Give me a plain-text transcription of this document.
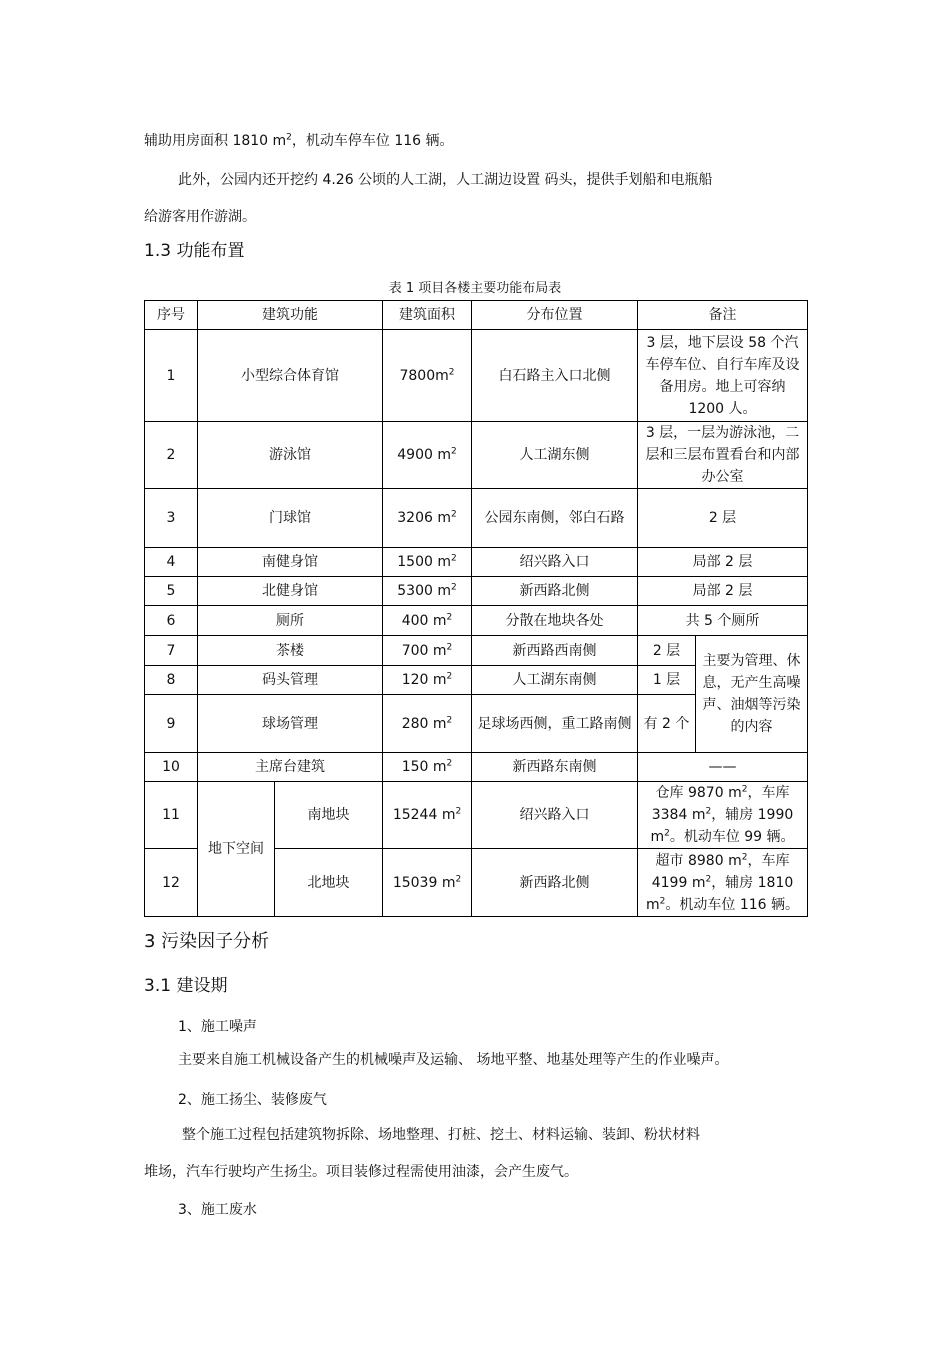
辅助用房面积 1810 $m^2$，机动车停车位 116 辆。
此外，公园内还开挖约 4.26 公顷的人工湖，人工湖边设置 码头，提供手划船和电瓶船
给游客用作游湖。
1.3 功能布置
表 1 项目各楼主要功能布局表
序号	建筑功能		建筑面积	分布位置	备注	
1	小型综合体育馆		$7800m^2$	白石路主入口北侧	3 层，地下层设 58 个汽车停车位、自行车库及设备用房。地上可容纳 1200 人。	
2	游泳馆		4900 $m^2$	人工湖东侧	3 层，一层为游泳池，二层和三层布置看台和内部办公室	
3	门球馆		3206 $m^2$	公园东南侧，邻白石路	2 层	
4	南健身馆		1500 $m^2$	绍兴路入口	局部 2 层	
5	北健身馆		5300 $m^2$	新西路北侧	局部 2 层	
6	厕所		400 $m^2$	分散在地块各处	共 5 个厕所	
7	茶楼		700 $m^2$	新西路西南侧	2 层	主要为管理、休息，无产生高噪声、油烟等污染的内容
8	码头管理		120 $m^2$	人工湖东南侧	1 层	
9	球场管理		280 $m^2$	足球场西侧，重工路南侧	有 2 个	
10	主席台建筑		150 $m^2$	新西路东南侧	——	
11	地下空间	南地块	15244 $m^2$	绍兴路入口	仓库 9870 $m^2$，车库 3384 $m^2$，辅房 1990 $m^2$。机动车位 99 辆。	
12		北地块	15039 $m^2$	新西路北侧	超市 8980 $m^2$，车库 4199 $m^2$，辅房 1810 $m^2$。机动车位 116 辆。	
3 污染因子分析
3.1 建设期
1、施工噪声
主要来自施工机械设备产生的机械噪声及运输、 场地平整、地基处理等产生的作业噪声。
2、施工扬尘、装修废气
整个施工过程包括建筑物拆除、场地整理、打桩、挖土、材料运输、装卸、粉状材料
堆场，汽车行驶均产生扬尘。项目装修过程需使用油漆，会产生废气。
3、施工废水
